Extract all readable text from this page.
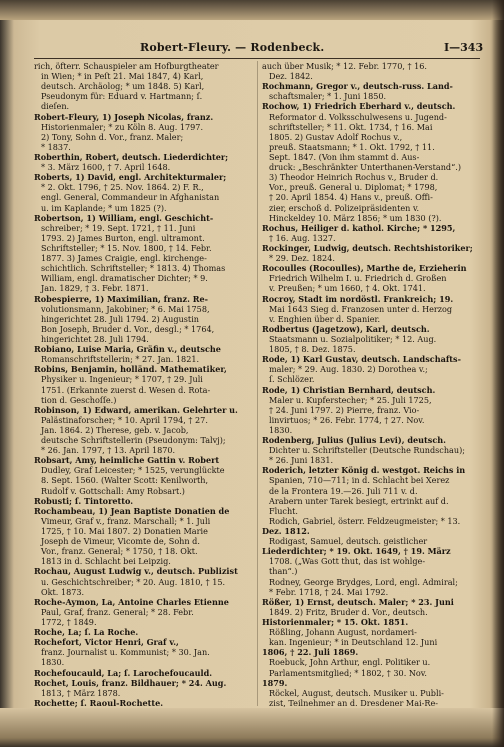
Robert-Fleury. — Rodenbeck.	I—343
rich, öfterr. Schauspieler am Hofburgtheater
in Wien; * in Peſt 21. Mai 1847, 4) Karl,
deutsch. Archäolog; * um 1848. 5) Karl,
Pseudonym für: Eduard v. Hartmann; ſ.
dieſen.
Robert-Fleury, 1) Joseph Nicolas, franz.
Historienmaler; * zu Köln 8. Aug. 1797.
2) Tony, Sohn d. Vor., franz. Maler;
* 1837.
Roberthin, Robert, deutsch. Liederdichter;
* 3. März 1600, † 7. April 1648.
Roberts, 1) David, engl. Architekturmaler;
* 2. Okt. 1796, † 25. Nov. 1864. 2) F. R.,
engl. General, Commandeur in Afghanistan
u. im Kaplande; * um 1825 (?).
Robertson, 1) William, engl. Geschicht-
schreiber; * 19. Sept. 1721, † 11. Juni
1793. 2) James Burton, engl. ultramont.
Schriftsteller; * 15. Nov. 1800, † 14. Febr.
1877. 3) James Craigie, engl. kirchenge-
schichtlich. Schriftsteller; * 1813. 4) Thomas
William, engl. dramatischer Dichter; * 9.
Jan. 1829, † 3. Febr. 1871.
Robespierre, 1) Maximilian, franz. Re-
volutionsmann, Jakobiner; * 6. Mai 1758,
hingerichtet 28. Juli 1794. 2) Augustin
Bon Joseph, Bruder d. Vor., desgl.; * 1764,
hingerichtet 28. Juli 1794.
Robiano, Luise Maria, Gräfin v., deutsche
Romanschriftstellerin; * 27. Jan. 1821.
Robins, Benjamin, holländ. Mathematiker,
Physiker u. Ingenieur; * 1707, † 29. Juli
1751. (Erkannte zuerst d. Wesen d. Rota-
tion d. Geschoſſe.)
Robinson, 1) Edward, amerikan. Gelehrter u.
Palästinaforscher; * 10. April 1794, † 27.
Jan. 1864. 2) Therese, geb. v. Jacob,
deutsche Schriftstellerin (Pseudonym: Talvj);
* 26. Jan. 1797, † 13. April 1870.
Robsart, Amy, heimliche Gattin v. Robert
Dudley, Graf Leicester; * 1525, verunglückte
8. Sept. 1560. (Walter Scott: Kenilworth,
Rudolf v. Gottschall: Amy Robsart.)
Robusti; ſ. Tintoretto.
Rochambeau, 1) Jean Baptiste Donatien de
Vimeur, Graf v., franz. Marschall; * 1. Juli
1725, † 10. Mai 1807. 2) Donatien Marie
Joseph de Vimeur, Vicomte de, Sohn d.
Vor., franz. General; * 1750, † 18. Okt.
1813 in d. Schlacht bei Leipzig.
Rochau, August Ludwig v., deutsch. Publizist
u. Geschichtschreiber; * 20. Aug. 1810, † 15.
Okt. 1873.
Roche-Aymon, La, Antoine Charles Etienne
Paul, Graf, franz. General; * 28. Febr.
1772, † 1849.
Roche, La; ſ. La Roche.
Rochefort, Victor Henri, Graf v.,
franz. Journalist u. Kommunist; * 30. Jan.
1830.
Rochefoucauld, La; ſ. Larochefoucauld.
Rochet, Louis, franz. Bildhauer; * 24. Aug.
1813, † März 1878.
Rochette; ſ. Raoul-Rochette.
auch über Musik; * 12. Febr. 1770, † 16.
Dez. 1842.
Rochmann, Gregor v., deutsch-russ. Land-
schaftsmaler; * 1. Juni 1850.
Rochow, 1) Friedrich Eberhard v., deutsch.
Reformator d. Volksschulwesens u. Jugend-
schriftsteller; * 11. Okt. 1734, † 16. Mai
1805. 2) Gustav Adolf Rochus v.,
preuß. Staatsmann; * 1. Okt. 1792, † 11.
Sept. 1847. (Von ihm stammt d. Aus-
druck: „Beschränkter Unterthanen-Verstand“.)
3) Theodor Heinrich Rochus v., Bruder d.
Vor., preuß. General u. Diplomat; * 1798,
† 20. April 1854. 4) Hans v., preuß. Offi-
zier, erschoß d. Polizeipräsidenten v.
Hinckeldey 10. März 1856; * um 1830 (?).
Rochus, Heiliger d. kathol. Kirche; * 1295,
† 16. Aug. 1327.
Rockinger, Ludwig, deutsch. Rechtshistoriker;
* 29. Dez. 1824.
Rocoulles (Rocoulles), Marthe de, Erzieherin
Friedrich Wilhelm I. u. Friedrich d. Großen
v. Preußen; * um 1660, † 4. Okt. 1741.
Rocroy, Stadt im nordöstl. Frankreich; 19.
Mai 1643 Sieg d. Franzosen unter d. Herzog
v. Enghien über d. Spanier.
Rodbertus (Jagetzow), Karl, deutsch.
Staatsmann u. Sozialpolitiker; * 12. Aug.
1805, † 8. Dez. 1875.
Rode, 1) Karl Gustav, deutsch. Landschafts-
maler; * 29. Aug. 1830. 2) Dorothea v.;
ſ. Schlözer.
Rode, 1) Christian Bernhard, deutsch.
Maler u. Kupferstecher; * 25. Juli 1725,
† 24. Juni 1797. 2) Pierre, franz. Vio-
linvirtuos; * 26. Febr. 1774, † 27. Nov.
1830.
Rodenberg, Julius (Julius Levi), deutsch.
Dichter u. Schriftsteller (Deutsche Rundschau);
* 26. Juni 1831.
Roderich, letzter König d. westgot. Reichs in
Spanien, 710—711; in d. Schlacht bei Xerez
de la Frontera 19.—26. Juli 711 v. d.
Arabern unter Tarek besiegt, ertrinkt auf d.
Flucht.
Rodich, Gabriel, österr. Feldzeugmeister; * 13.
Dez. 1812.
Rodigast, Samuel, deutsch. geistlicher
Liederdichter; * 19. Okt. 1649, † 19. März
1708. („Was Gott thut, das ist wohlge-
than“.)
Rodney, George Brydges, Lord, engl. Admiral;
* Febr. 1718, † 24. Mai 1792.
Rößer, 1) Ernst, deutsch. Maler; * 23. Juni
1849. 2) Fritz, Bruder d. Vor., deutsch.
Historienmaler; * 15. Okt. 1851.
Rößling, Johann August, nordameri-
kan. Ingenieur; * in Deutschland 12. Juni
1806, † 22. Juli 1869.
Roebuck, John Arthur, engl. Politiker u.
Parlamentsmitglied; * 1802, † 30. Nov.
1879.
Röckel, August, deutsch. Musiker u. Publi-
zist, Teilnehmer an d. Dresdener Mai-Re-
